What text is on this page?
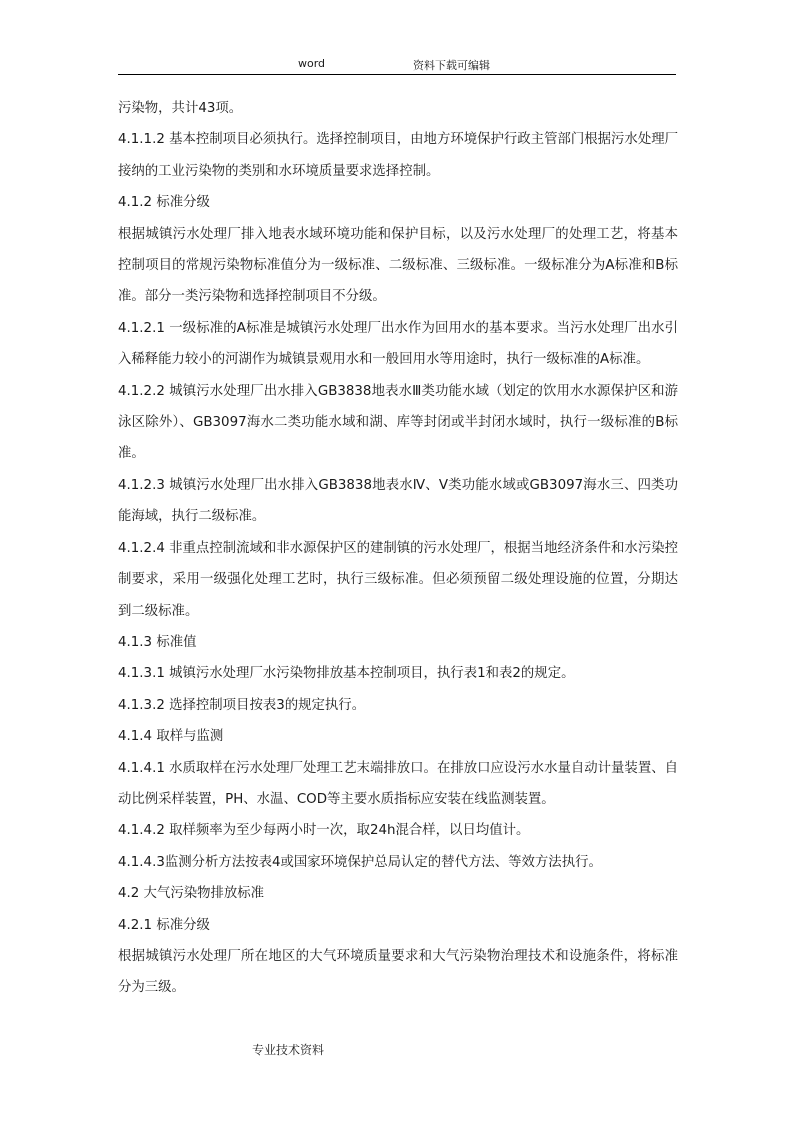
word	资料下载可编辑

污染物，共计43项。

4.1.1.2 基本控制项目必须执行。选择控制项目，由地方环境保护行政主管部门根据污水处理厂接纳的工业污染物的类别和水环境质量要求选择控制。

4.1.2 标准分级

根据城镇污水处理厂排入地表水域环境功能和保护目标，以及污水处理厂的处理工艺，将基本控制项目的常规污染物标准值分为一级标准、二级标准、三级标准。一级标准分为A标准和B标准。部分一类污染物和选择控制项目不分级。

4.1.2.1 一级标准的A标准是城镇污水处理厂出水作为回用水的基本要求。当污水处理厂出水引入稀释能力较小的河湖作为城镇景观用水和一般回用水等用途时，执行一级标准的A标准。

4.1.2.2 城镇污水处理厂出水排入GB3838地表水Ⅲ类功能水域（划定的饮用水水源保护区和游泳区除外）、GB3097海水二类功能水域和湖、库等封闭或半封闭水域时，执行一级标准的B标准。

4.1.2.3 城镇污水处理厂出水排入GB3838地表水Ⅳ、Ⅴ类功能水域或GB3097海水三、四类功能海域，执行二级标准。

4.1.2.4 非重点控制流域和非水源保护区的建制镇的污水处理厂，根据当地经济条件和水污染控制要求，采用一级强化处理工艺时，执行三级标准。但必须预留二级处理设施的位置，分期达到二级标准。

4.1.3 标准值

4.1.3.1 城镇污水处理厂水污染物排放基本控制项目，执行表1和表2的规定。

4.1.3.2 选择控制项目按表3的规定执行。

4.1.4 取样与监测

4.1.4.1 水质取样在污水处理厂处理工艺末端排放口。在排放口应设污水水量自动计量装置、自动比例采样装置，PH、水温、COD等主要水质指标应安装在线监测装置。

4.1.4.2 取样频率为至少每两小时一次，取24h混合样，以日均值计。

4.1.4.3监测分析方法按表4或国家环境保护总局认定的替代方法、等效方法执行。

4.2 大气污染物排放标准

4.2.1 标准分级

根据城镇污水处理厂所在地区的大气环境质量要求和大气污染物治理技术和设施条件，将标准分为三级。

专业技术资料
